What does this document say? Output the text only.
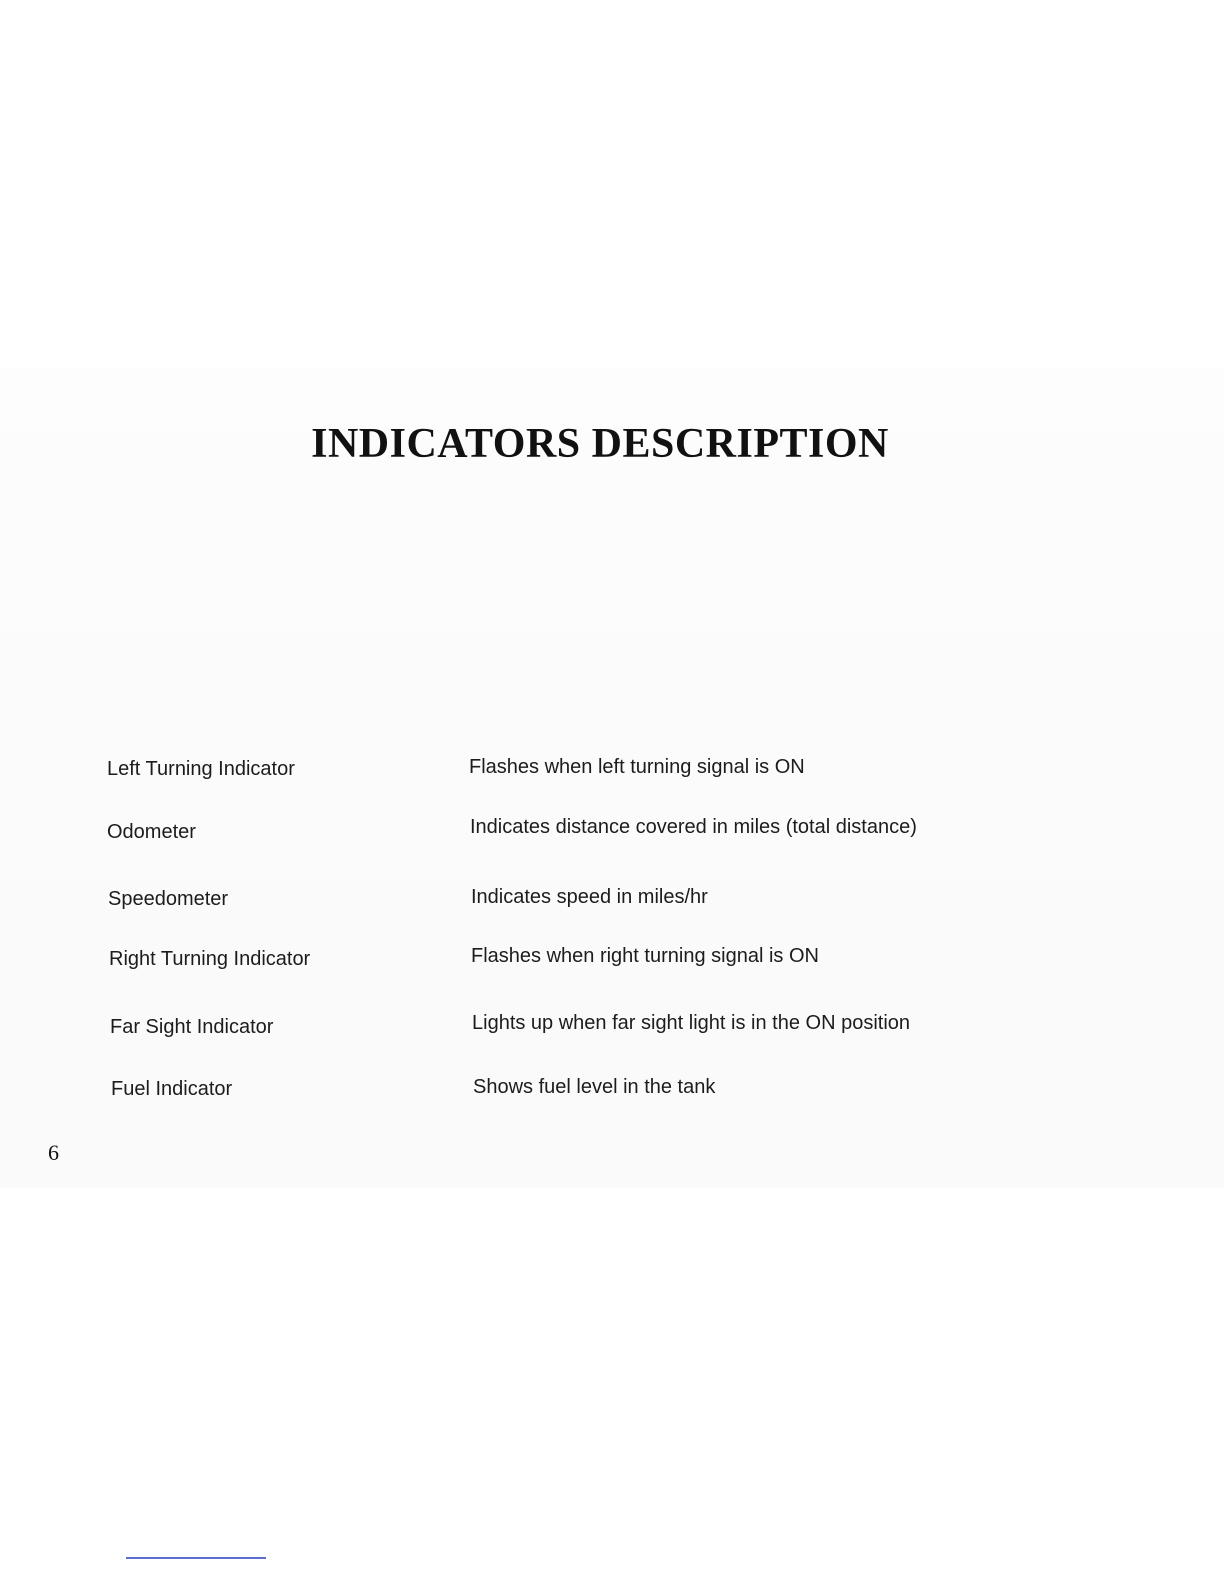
INDICATORS DESCRIPTION
Left Turning Indicator	Flashes when left turning signal is ON
Odometer	Indicates distance covered in miles (total distance)
Speedometer	Indicates speed in miles/hr
Right Turning Indicator	Flashes when right turning signal is ON
Far Sight Indicator	Lights up when far sight light is in the ON position
Fuel Indicator	Shows fuel level in the tank
6
